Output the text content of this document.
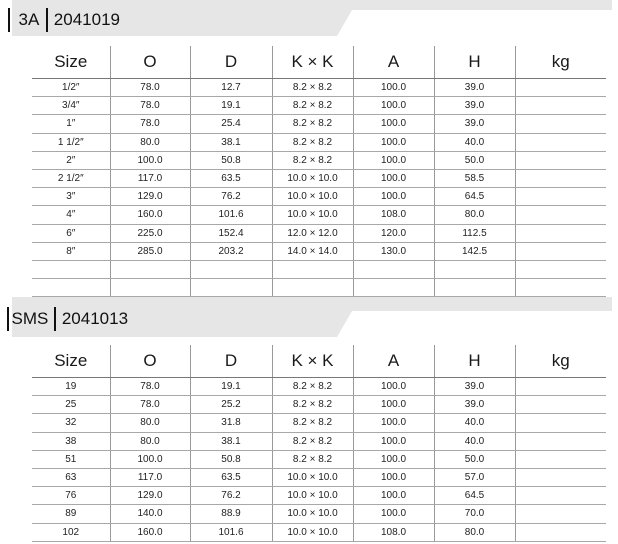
3A 2041019
Size	O	D	K × K	A	H	kg
1/2″	78.0	12.7	8.2 × 8.2	100.0	39.0	
3/4″	78.0	19.1	8.2 × 8.2	100.0	39.0	
1″	78.0	25.4	8.2 × 8.2	100.0	39.0	
1 1/2″	80.0	38.1	8.2 × 8.2	100.0	40.0	
2″	100.0	50.8	8.2 × 8.2	100.0	50.0	
2 1/2″	117.0	63.5	10.0 × 10.0	100.0	58.5	
3″	129.0	76.2	10.0 × 10.0	100.0	64.5	
4″	160.0	101.6	10.0 × 10.0	108.0	80.0	
6″	225.0	152.4	12.0 × 12.0	120.0	112.5	
8″	285.0	203.2	14.0 × 14.0	130.0	142.5	

SMS 2041013
Size	O	D	K × K	A	H	kg
19	78.0	19.1	8.2 × 8.2	100.0	39.0	
25	78.0	25.2	8.2 × 8.2	100.0	39.0	
32	80.0	31.8	8.2 × 8.2	100.0	40.0	
38	80.0	38.1	8.2 × 8.2	100.0	40.0	
51	100.0	50.8	8.2 × 8.2	100.0	50.0	
63	117.0	63.5	10.0 × 10.0	100.0	57.0	
76	129.0	76.2	10.0 × 10.0	100.0	64.5	
89	140.0	88.9	10.0 × 10.0	100.0	70.0	
102	160.0	101.6	10.0 × 10.0	108.0	80.0	
